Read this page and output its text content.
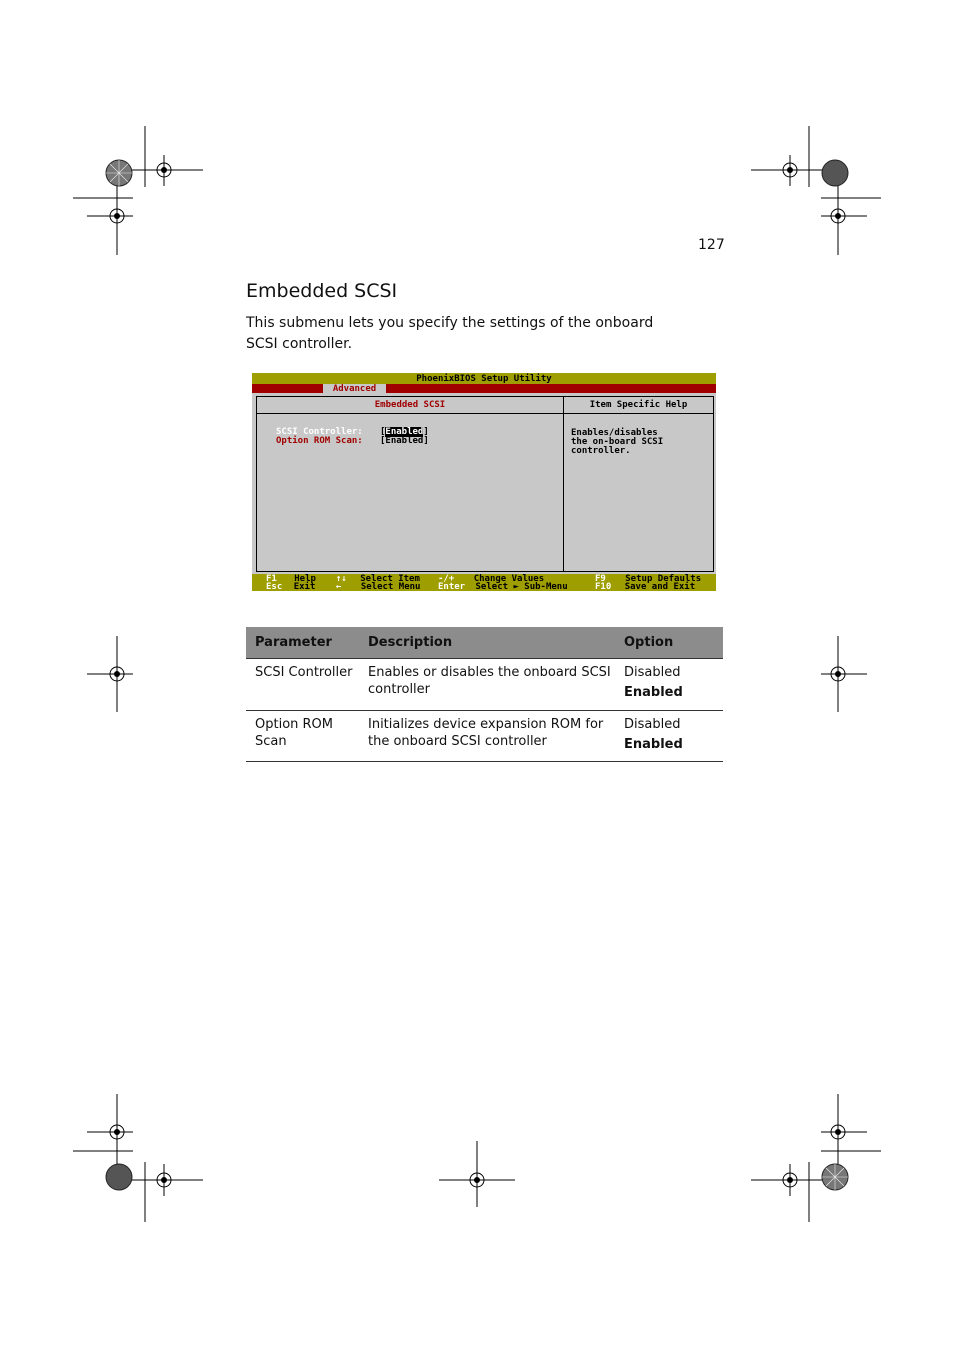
127
Embedded SCSI

This submenu lets you specify the settings of the onboard SCSI controller.

PhoenixBIOS Setup Utility
Advanced
Embedded SCSI
SCSI Controller: [Enabled]
Option ROM Scan: [Enabled]
Item Specific Help
Enables/disables
the on-board SCSI
controller.
F1 Help
Esc Exit
↑↓ Select Item
← Select Menu
-/+ Change Values
Enter Select ► Sub-Menu
F9 Setup Defaults
F10 Save and Exit
Parameter	Description	Option
SCSI Controller	Enables or disables the onboard SCSI controller	Disabled
Enabled

Option ROM Scan	Initializes device expansion ROM for the onboard SCSI controller	Disabled
Enabled
